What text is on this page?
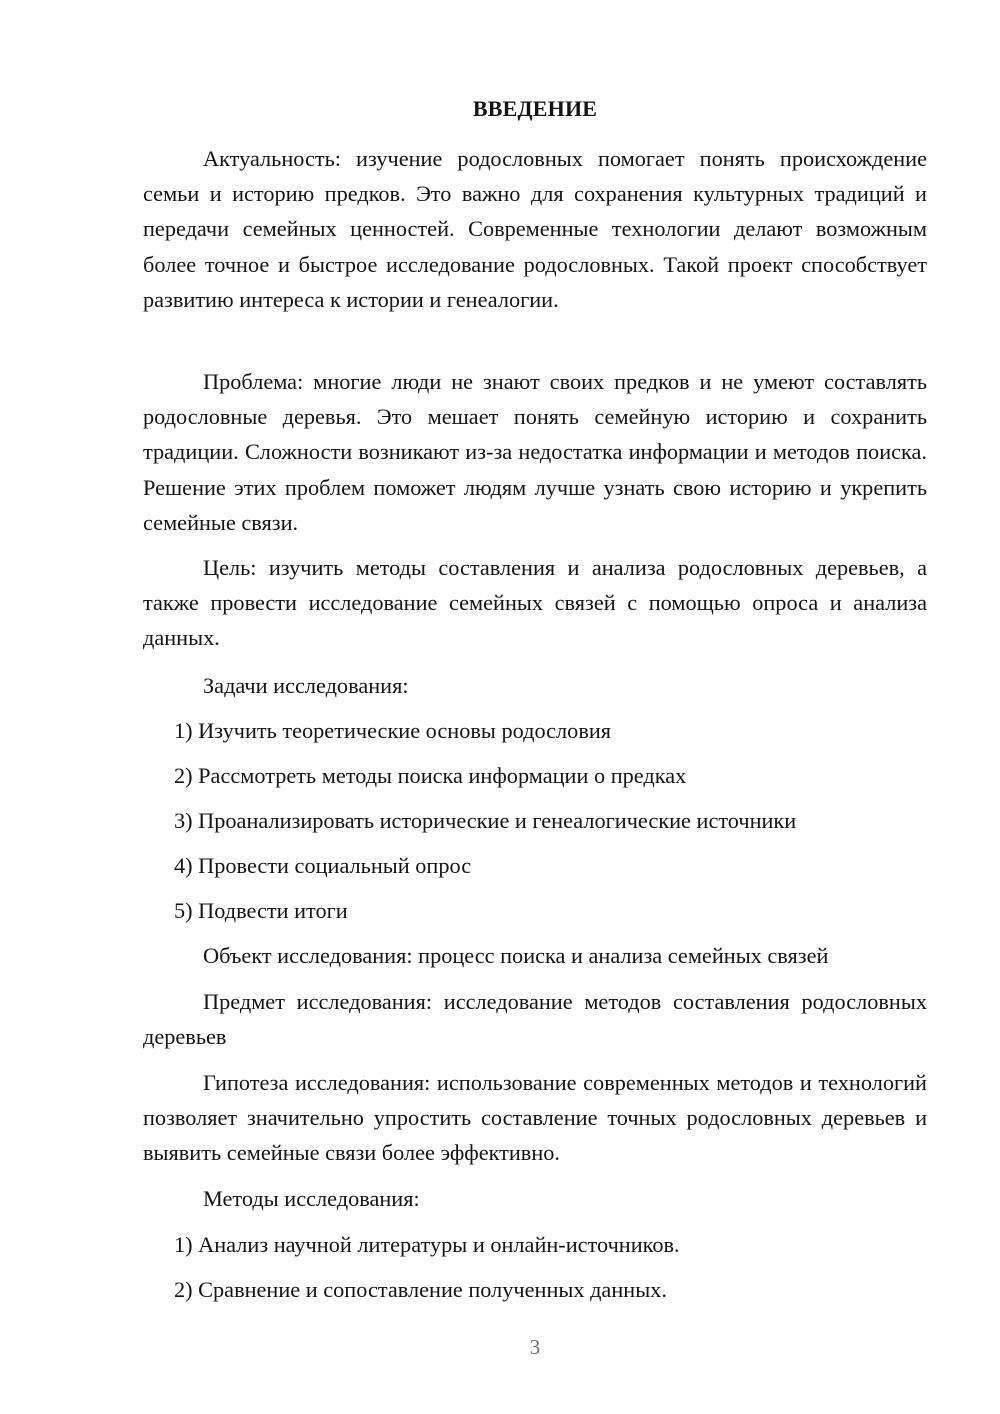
ВВЕДЕНИЕ

Актуальность: изучение родословных помогает понять происхождение семьи и историю предков. Это важно для сохранения культурных традиций и передачи семейных ценностей. Современные технологии делают возможным более точное и быстрое исследование родословных. Такой проект способствует развитию интереса к истории и генеалогии.

Проблема: многие люди не знают своих предков и не умеют составлять родословные деревья. Это мешает понять семейную историю и сохранить традиции. Сложности возникают из-за недостатка информации и методов поиска. Решение этих проблем поможет людям лучше узнать свою историю и укрепить семейные связи.

Цель: изучить методы составления и анализа родословных деревьев, а также провести исследование семейных связей с помощью опроса и анализа данных.

Задачи исследования:

1) Изучить теоретические основы родословия

2) Рассмотреть методы поиска информации о предках

3) Проанализировать исторические и генеалогические источники

4) Провести социальный опрос

5) Подвести итоги

Объект исследования: процесс поиска и анализа семейных связей

Предмет исследования: исследование методов составления родословных деревьев

Гипотеза исследования: использование современных методов и технологий позволяет значительно упростить составление точных родословных деревьев и выявить семейные связи более эффективно.

Методы исследования:

1) Анализ научной литературы и онлайн-источников.

2) Сравнение и сопоставление полученных данных.

3
